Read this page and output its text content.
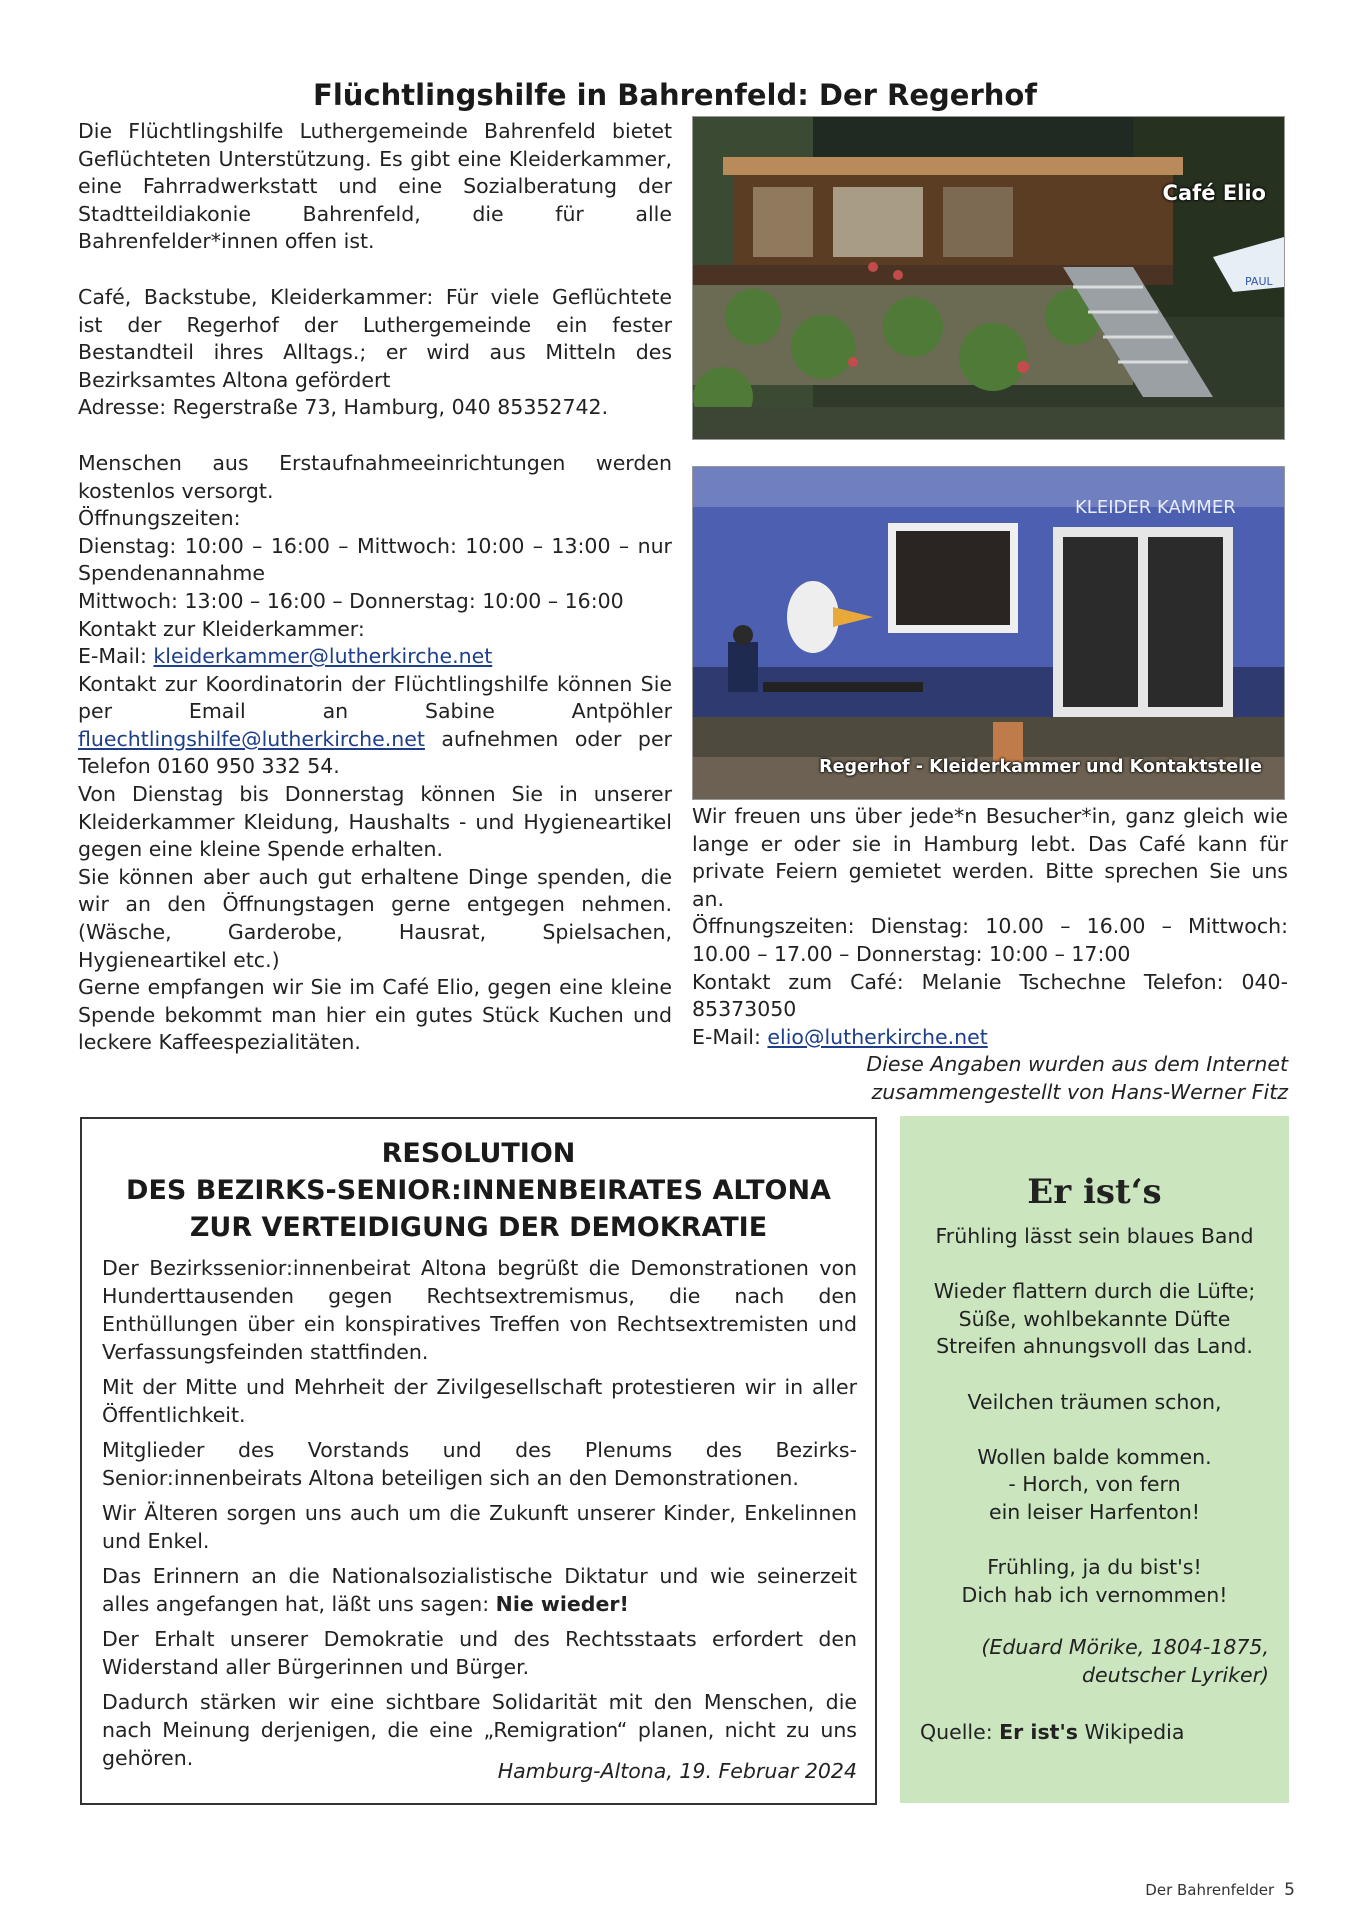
Flüchtlingshilfe in Bahrenfeld: Der Regerhof

Die Flüchtlingshilfe Luthergemeinde Bahrenfeld bietet Geflüchteten Unterstützung. Es gibt eine Kleiderkammer, eine Fahrradwerkstatt und eine Sozialberatung der Stadtteildiakonie Bahrenfeld, die für alle Bahrenfelder*innen offen ist.

Café, Backstube, Kleiderkammer: Für viele Geflüchtete ist der Regerhof der Luthergemeinde ein fester Bestandteil ihres Alltags.; er wird aus Mitteln des Bezirksamtes Altona gefördert

Adresse: Regerstraße 73, Hamburg, 040 85352742.

Menschen aus Erstaufnahmeeinrichtungen werden kostenlos versorgt.

Öffnungszeiten:

Dienstag: 10:00 – 16:00 – Mittwoch: 10:00 – 13:00 – nur Spendenannahme

Mittwoch: 13:00 – 16:00 – Donnerstag: 10:00 – 16:00

Kontakt zur Kleiderkammer:

E-Mail: kleiderkammer@lutherkirche.net

Kontakt zur Koordinatorin der Flüchtlingshilfe können Sie per Email an Sabine Antpöhler fluechtlingshilfe@lutherkirche.net aufnehmen oder per Telefon 0160 950 332 54.

Von Dienstag bis Donnerstag können Sie in unserer Kleiderkammer Kleidung, Haushalts - und Hygieneartikel gegen eine kleine Spende erhalten.

Sie können aber auch gut erhaltene Dinge spenden, die wir an den Öffnungstagen gerne entgegen nehmen. (Wäsche, Garderobe, Hausrat, Spielsachen, Hygieneartikel etc.)

Gerne empfangen wir Sie im Café Elio, gegen eine kleine Spende bekommt man hier ein gutes Stück Kuchen und leckere Kaffeespezialitäten.

PAUL
Café Elio
KLEIDER KAMMER
Regerhof - Kleiderkammer und Kontaktstelle

Wir freuen uns über jede*n Besucher*in, ganz gleich wie lange er oder sie in Hamburg lebt. Das Café kann für private Feiern gemietet werden. Bitte sprechen Sie uns an.

Öffnungszeiten: Dienstag: 10.00 – 16.00 – Mittwoch: 10.00 – 17.00 – Donnerstag: 10:00 – 17:00

Kontakt zum Café: Melanie Tschechne Telefon: 040-85373050

E-Mail: elio@lutherkirche.net

Diese Angaben wurden aus dem Internet

zusammengestellt von Hans-Werner Fitz

RESOLUTION
DES BEZIRKS-SENIOR:INNENBEIRATES ALTONA
ZUR VERTEIDIGUNG DER DEMOKRATIE

Der Bezirkssenior:innenbeirat Altona begrüßt die Demonstrationen von Hunderttausenden gegen Rechtsextremismus, die nach den Enthüllungen über ein konspiratives Treffen von Rechtsextremisten und Verfassungsfeinden stattfinden.

Mit der Mitte und Mehrheit der Zivilgesellschaft protestieren wir in aller Öffentlichkeit.

Mitglieder des Vorstands und des Plenums des Bezirks-Senior:innenbeirats Altona beteiligen sich an den Demonstrationen.

Wir Älteren sorgen uns auch um die Zukunft unserer Kinder, Enkelinnen und Enkel.

Das Erinnern an die Nationalsozialistische Diktatur und wie seinerzeit alles angefangen hat, läßt uns sagen: Nie wieder!

Der Erhalt unserer Demokratie und des Rechtsstaats erfordert den Widerstand aller Bürgerinnen und Bürger.

Dadurch stärken wir eine sichtbare Solidarität mit den Menschen, die nach Meinung derjenigen, die eine „Remigration“ planen, nicht zu uns gehören.

Hamburg-Altona, 19. Februar 2024
Er ist‘s

Frühling lässt sein blaues Band

Wieder flattern durch die Lüfte;
Süße, wohlbekannte Düfte
Streifen ahnungsvoll das Land.

Veilchen träumen schon,

Wollen balde kommen.
- Horch, von fern
ein leiser Harfenton!

Frühling, ja du bist's!
Dich hab ich vernommen!

(Eduard Mörike, 1804-1875,
deutscher Lyriker)
Quelle: Er ist's Wikipedia
Der Bahrenfelder 5
